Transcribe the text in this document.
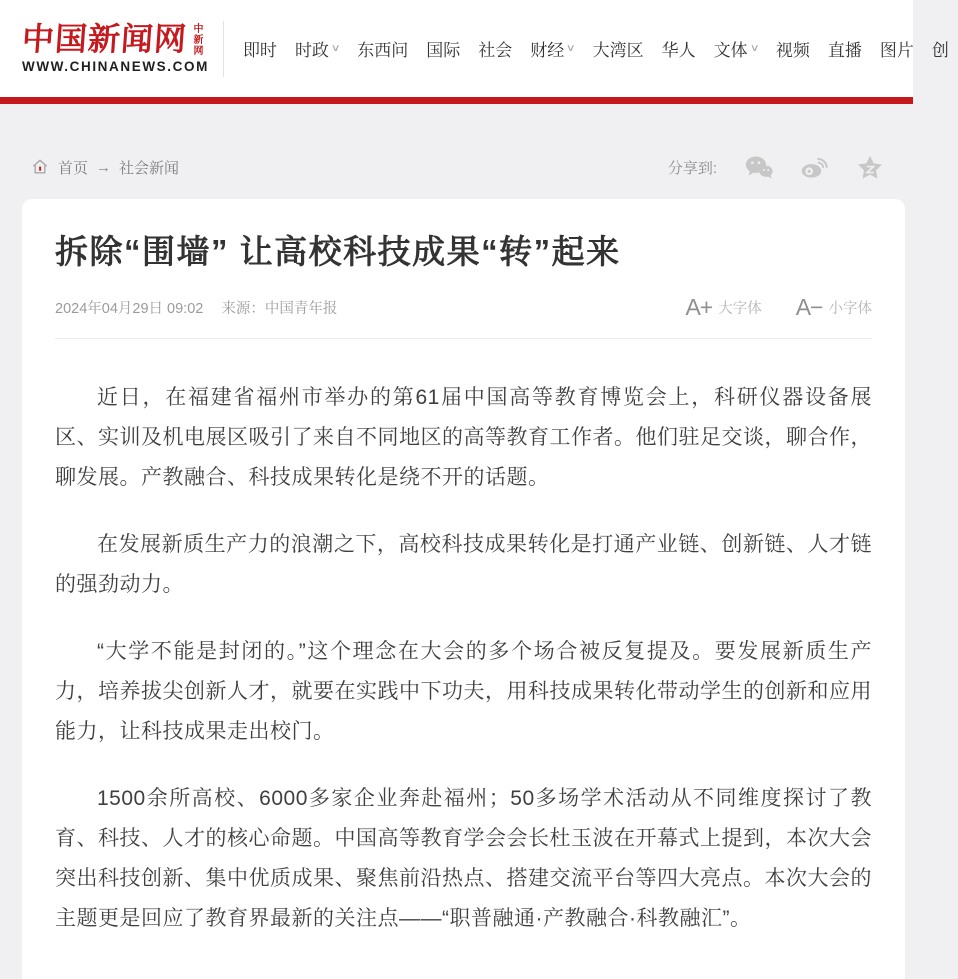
中国新闻网 中新网
WWW.CHINANEWS.COM
即时 时政 ∨ 东西问 国际 社会 财经 ∨ 大湾区 华人 文体 ∨ 视频 直播 图片 创
首页 → 社会新闻	分享到:
拆除“围墙” 让高校科技成果“转”起来
2024年04月29日 09:02 来源：中国青年报	A+ 大字体 A− 小字体

近日，在福建省福州市举办的第61届中国高等教育博览会上，科研仪器设备展区、实训及机电展区吸引了来自不同地区的高等教育工作者。他们驻足交谈，聊合作，聊发展。产教融合、科技成果转化是绕不开的话题。

在发展新质生产力的浪潮之下，高校科技成果转化是打通产业链、创新链、人才链的强劲动力。

“大学不能是封闭的。”这个理念在大会的多个场合被反复提及。要发展新质生产力，培养拔尖创新人才，就要在实践中下功夫，用科技成果转化带动学生的创新和应用能力，让科技成果走出校门。

1500余所高校、6000多家企业奔赴福州；50多场学术活动从不同维度探讨了教育、科技、人才的核心命题。中国高等教育学会会长杜玉波在开幕式上提到，本次大会突出科技创新、集中优质成果、聚焦前沿热点、搭建交流平台等四大亮点。本次大会的主题更是回应了教育界最新的关注点——“职普融通·产教融合·科教融汇”。
